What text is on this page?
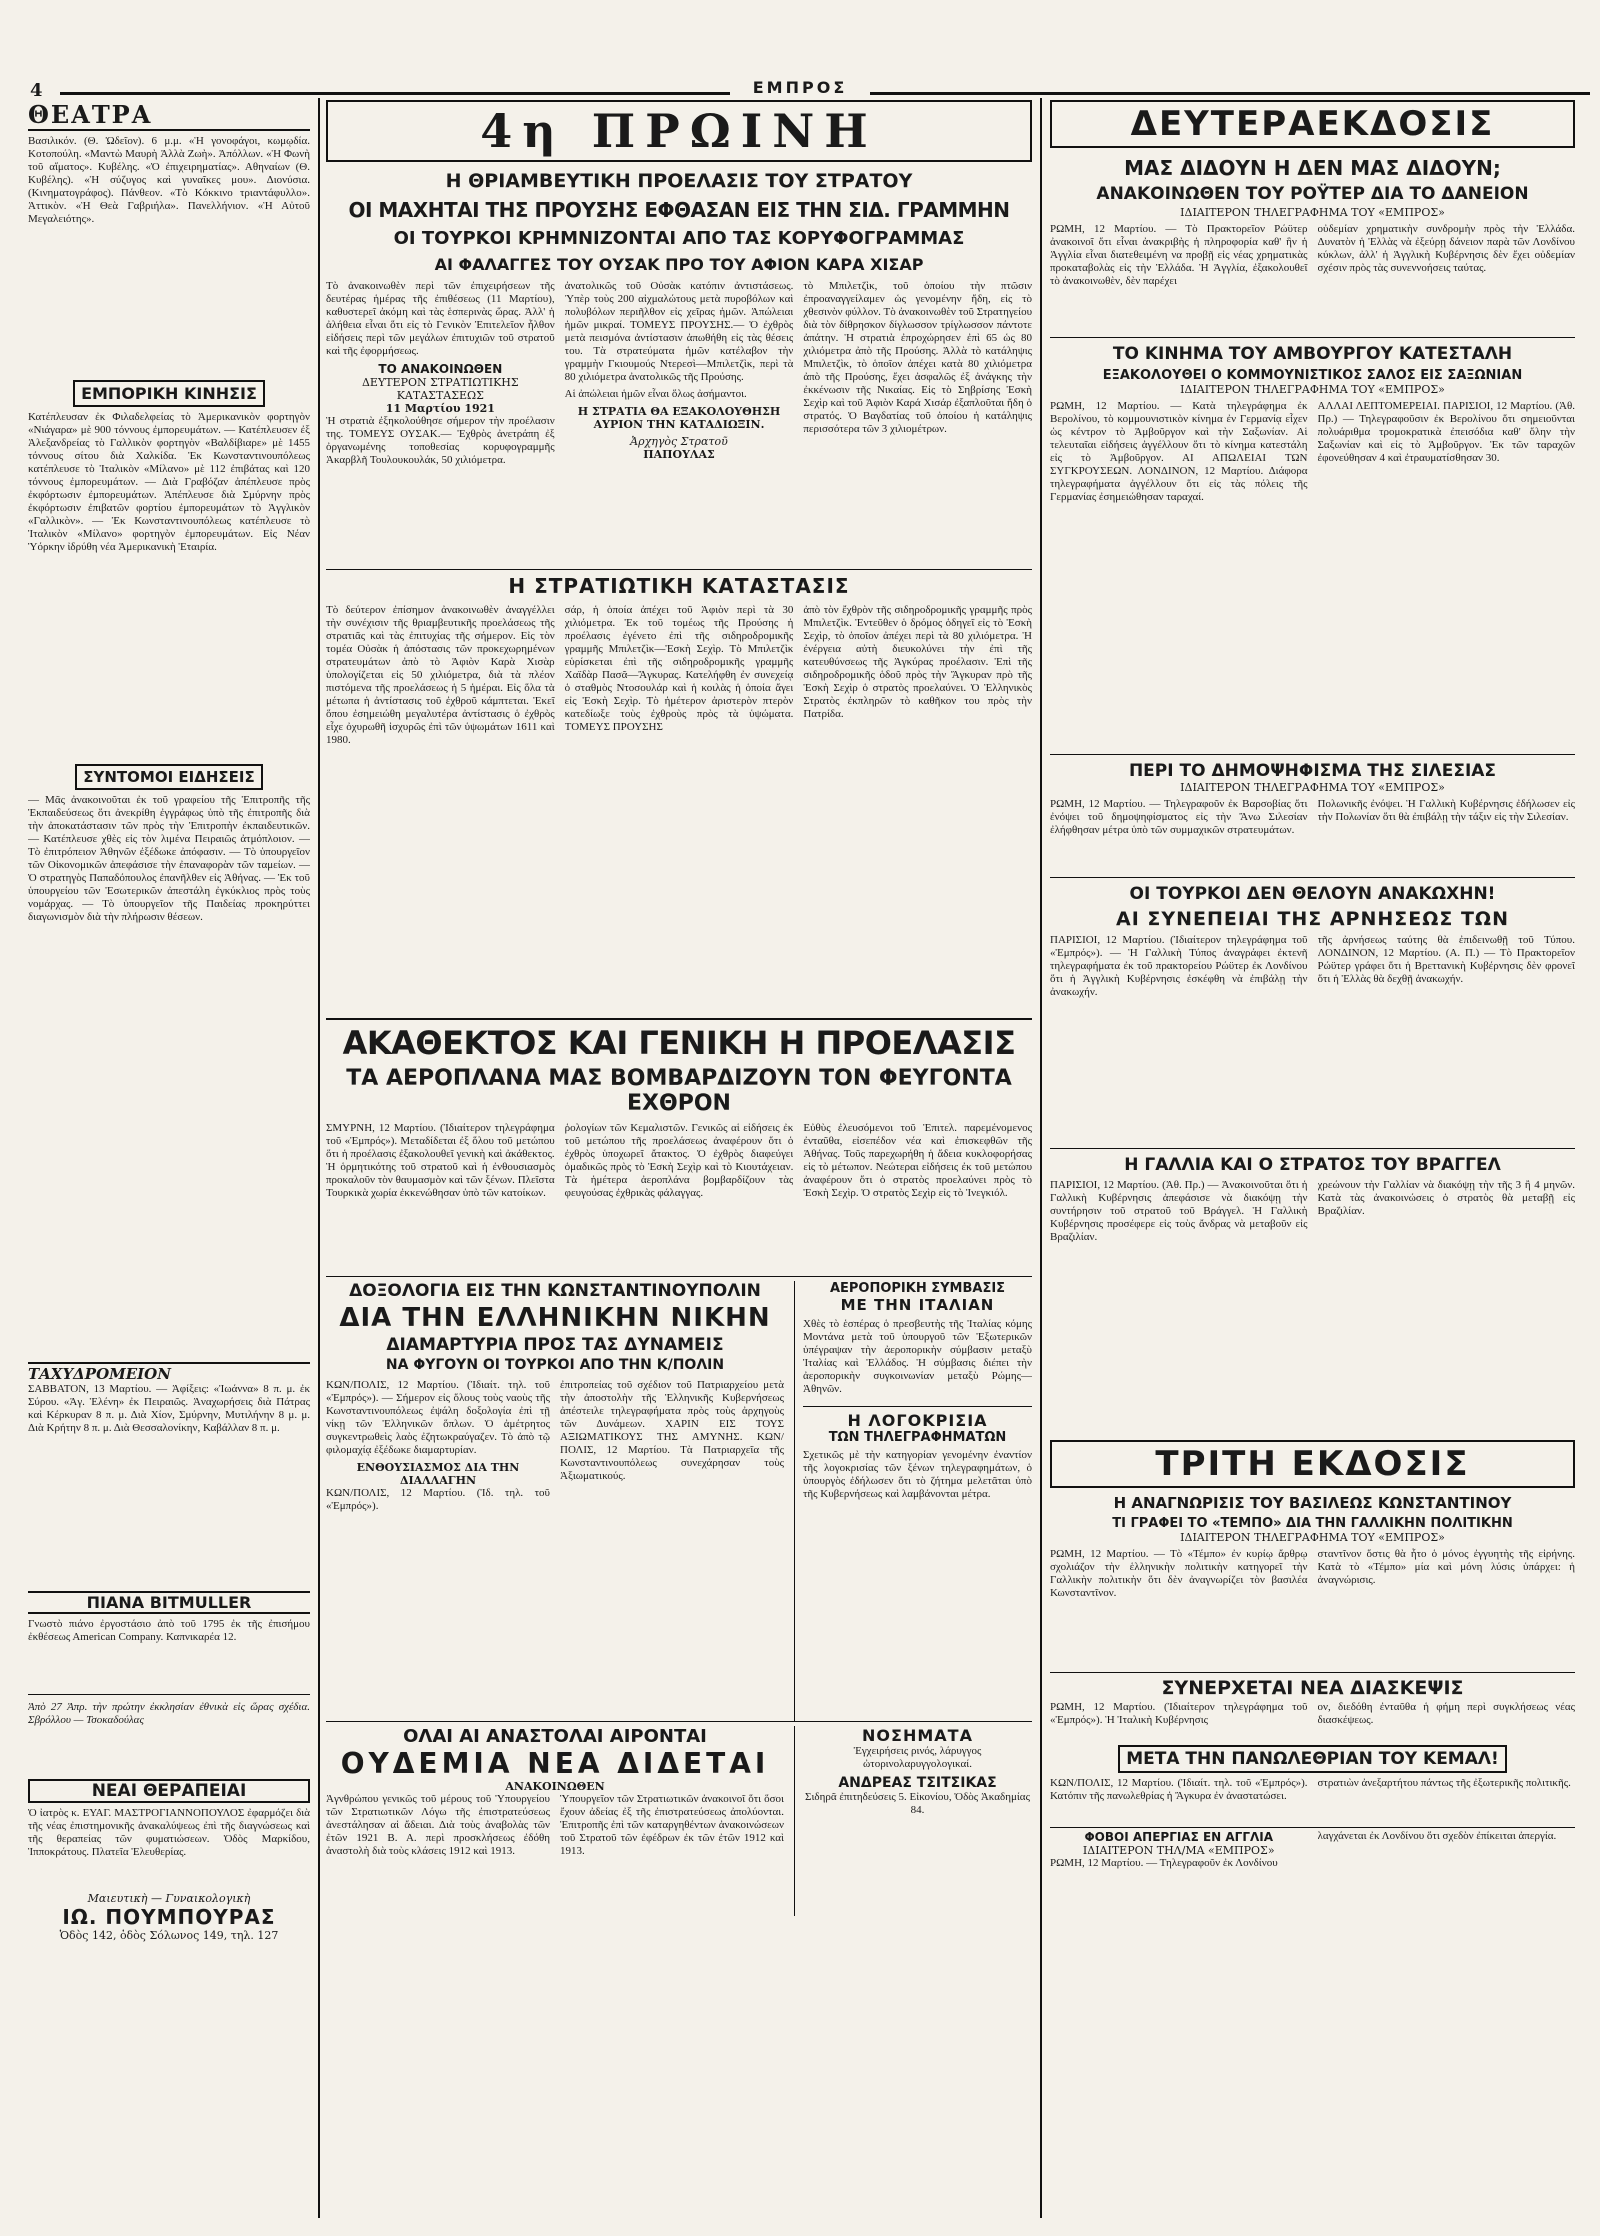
4	ΕΜΠΡΟΣ
ΘΕΑΤΡΑ
Βασιλικόν. (Θ. Ὠδεῖον). 6 μ.μ. «Ἡ γονοφάγοι, κωμῳδία. Κοτοπούλη. «Μαντὼ Μαυρὴ Ἀλλὰ Ζωὴ». Ἀπόλλων. «Ἡ Φωνὴ τοῦ αἵματος». Κυβέλης. «Ὁ ἐπιχειρηματίας». Αθηναίων (Θ. Κυβέλης). «Ἡ σύζυγος καὶ γυναῖκες μου». Διονύσια. (Κινηματογράφος). Πάνθεον. «Τὸ Κόκκινο τριαντάφυλλο». Ἀττικὸν. «Ἡ Θεὰ Γαβριήλα». Πανελλήνιον. «Ἡ Αὐτοῦ Μεγαλειότης».
ΕΜΠΟΡΙΚΗ ΚΙΝΗΣΙΣ
Κατέπλευσαν ἐκ Φιλαδελφείας τὸ Ἀμερικανικὸν φορτηγὸν «Νιάγαρα» μὲ 900 τόννους ἐμπορευμάτων. — Κατέπλευσεν ἐξ Ἀλεξανδρείας τὸ Γαλλικὸν φορτηγὸν «Βαλδίβιαρε» μὲ 1455 τόννους σίτου διὰ Χαλκίδα. Ἐκ Κωνσταντινουπόλεως κατέπλευσε τὸ Ἰταλικὸν «Μίλανο» μὲ 112 ἐπιβάτας καὶ 120 τόννους ἐμπορευμάτων. — Διὰ Γραβόζαν ἀπέπλευσε πρὸς ἐκφόρτωσιν ἐμπορευμάτων. Ἀπέπλευσε διὰ Σμύρνην πρὸς ἐκφόρτωσιν ἐπιβατῶν φορτίου ἐμπορευμάτων τὸ Ἀγγλικὸν «Γαλλικὸν». — Ἐκ Κωνσταντινουπόλεως κατέπλευσε τὸ Ἰταλικὸν «Μίλανο» φορτηγὸν ἐμπορευμάτων. Εἰς Νέαν Ὑόρκην ἰδρύθη νέα Ἀμερικανικὴ Ἑταιρία.
ΣΥΝΤΟΜΟΙ ΕΙΔΗΣΕΙΣ
— Μᾶς ἀνακοινοῦται ἐκ τοῦ γραφείου τῆς Ἐπιτροπῆς τῆς Ἐκπαιδεύσεως ὅτι ἀνεκρίθη ἐγγράφως ὑπὸ τῆς ἐπιτροπῆς διὰ τὴν ἀποκατάστασιν τῶν πρὸς τὴν Ἐπιτροπὴν ἐκπαιδευτικῶν. — Κατέπλευσε χθὲς εἰς τὸν λιμένα Πειραιῶς ἀτμόπλοιον. — Τὸ ἐπιτρόπειον Ἀθηνῶν ἐξέδωκε ἀπόφασιν. — Τὸ ὑπουργεῖον τῶν Οἰκονομικῶν ἀπεφάσισε τὴν ἐπαναφορὰν τῶν ταμείων. — Ὁ στρατηγὸς Παπαδόπουλος ἐπανῆλθεν εἰς Ἀθήνας. — Ἐκ τοῦ ὑπουργείου τῶν Ἐσωτερικῶν ἀπεστάλη ἐγκύκλιος πρὸς τοὺς νομάρχας. — Τὸ ὑπουργεῖον τῆς Παιδείας προκηρύττει διαγωνισμὸν διὰ τὴν πλήρωσιν θέσεων.
ΤΑΧΥΔΡΟΜΕΙΟΝ
ΣΑΒΒΑΤΟΝ, 13 Μαρτίου. — Ἀφίξεις: «Ἰωάννα» 8 π. μ. ἐκ Σύρου. «Ἀγ. Ἑλένη» ἐκ Πειραιῶς. Ἀναχωρήσεις διὰ Πάτρας καὶ Κέρκυραν 8 π. μ. Διὰ Χίον, Σμύρνην, Μυτιλήνην 8 μ. μ. Διὰ Κρήτην 8 π. μ. Διὰ Θεσσαλονίκην, Καβάλλαν 8 π. μ.
ΠΙΑΝΑ BITMULLER
Γνωστὸ πιάνο ἐργοστάσιο ἀπὸ τοῦ 1795 ἐκ τῆς ἐπισήμου ἐκθέσεως Αmerican Company. Καπνικαρέα 12.
Ἀπὸ 27 Ἀπρ. τὴν πρώτην ἐκκλησίαν ἐθνικὰ εἰς ὥρας σχέδια. Σβρόλλου — Τσοκαδούλας
ΝΕΑΙ ΘΕΡΑΠΕΙΑΙ
Ὁ ἰατρὸς κ. ΕΥΑΓ. ΜΑΣΤΡΟΓΙΑΝΝΟΠΟΥΛΟΣ ἐφαρμόζει διὰ τῆς νέας ἐπιστημονικῆς ἀνακαλύψεως ἐπὶ τῆς διαγνώσεως καὶ τῆς θεραπείας τῶν φυματιώσεων. Ὁδὸς Μαρκίδου, Ἱπποκράτους. Πλατεῖα Ἐλευθερίας.
Μαιευτικὴ — Γυναικολογικὴ
ΙΩ. ΠΟΥΜΠΟΥΡΑΣ
Ὁδὸς 142, ὁδὸς Σόλωνος 149, τηλ. 127
4η ΠΡΩΙΝΗ
Η ΘΡΙΑΜΒΕΥΤΙΚΗ ΠΡΟΕΛΑΣΙΣ ΤΟΥ ΣΤΡΑΤΟΥ
ΟΙ ΜΑΧΗΤΑΙ ΤΗΣ ΠΡΟΥΣΗΣ ΕΦΘΑΣΑΝ ΕΙΣ ΤΗΝ ΣΙΔ. ΓΡΑΜΜΗΝ
ΟΙ ΤΟΥΡΚΟΙ ΚΡΗΜΝΙΖΟΝΤΑΙ ΑΠΟ ΤΑΣ ΚΟΡΥΦΟΓΡΑΜΜΑΣ
ΑΙ ΦΑΛΑΓΓΕΣ ΤΟΥ ΟΥΣΑΚ ΠΡΟ ΤΟΥ ΑΦΙΟΝ ΚΑΡΑ ΧΙΣΑΡ
Τὸ ἀνακοινωθὲν περὶ τῶν ἐπιχειρήσεων τῆς δευτέρας ἡμέρας τῆς ἐπιθέσεως (11 Μαρτίου), καθυστερεῖ ἀκόμη καὶ τὰς ἑσπερινὰς ὥρας. Ἀλλ' ἡ ἀλήθεια εἶναι ὅτι εἰς τὸ Γενικὸν Ἐπιτελεῖον ἦλθον εἰδήσεις περὶ τῶν μεγάλων ἐπιτυχιῶν τοῦ στρατοῦ καὶ τῆς ἐφορμήσεως.
ΤΟ ΑΝΑΚΟΙΝΩΘΕΝ
ΔΕΥΤΕΡΟΝ ΣΤΡΑΤΙΩΤΙΚΗΣ ΚΑΤΑΣΤΑΣΕΩΣ
11 Μαρτίου 1921
Ἡ στρατιὰ ἐξηκολούθησε σήμερον τὴν προέλασιν της. ΤΟΜΕΥΣ ΟΥΣΑΚ.— Ἐχθρὸς ἀνετράπη ἐξ ὀργανωμένης τοποθεσίας κορυφογραμμῆς Ἀκαρβλῆ Τουλουκουλάκ, 50 χιλιόμετρα.
ἀνατολικῶς τοῦ Οὐσὰκ κατόπιν ἀντιστάσεως. Ὑπὲρ τοὺς 200 αἰχμαλώτους μετὰ πυροβόλων καὶ πολυβόλων περιῆλθον εἰς χεῖρας ἡμῶν. Ἀπώλειαι ἡμῶν μικραί. ΤΟΜΕΥΣ ΠΡΟΥΣΗΣ.— Ὁ ἐχθρὸς μετὰ πεισμόνα ἀντίστασιν ἀπωθήθη εἰς τὰς θέσεις του. Τὰ στρατεύματα ἡμῶν κατέλαβον τὴν γραμμὴν Γκιουμούς Ντερεσὶ—Μπιλετζὶκ, περὶ τὰ 80 χιλιόμετρα ἀνατολικῶς τῆς Προύσης.
Αἱ ἀπώλειαι ἡμῶν εἶναι ὅλως ἀσήμαντοι.
Η ΣΤΡΑΤΙΑ ΘΑ ΕΞΑΚΟΛΟΥΘΗΣΗ ΑΥΡΙΟΝ ΤΗΝ ΚΑΤΑΔΙΩΞΙΝ.
Ἀρχηγὸς Στρατοῦ
ΠΑΠΟΥΛΑΣ
τὸ Μπιλετζὶκ, τοῦ ὁποίου τὴν πτῶσιν ἐπροαναγγείλαμεν ὡς γενομένην ἤδη, εἰς τὸ χθεσινὸν φύλλον. Τὸ ἀνακοινωθὲν τοῦ Στρατηγείου διὰ τὸν δίθρησκον δίγλωσσον τρίγλωσσον πάντοτε ἀπάτην. Ἡ στρατιὰ ἐπροχώρησεν ἐπὶ 65 ὡς 80 χιλιόμετρα ἀπὸ τῆς Προύσης. Ἀλλὰ τὸ κατάληψις Μπιλετζὶκ, τὸ ὁποῖον ἀπέχει κατὰ 80 χιλιόμετρα ἀπὸ τῆς Προύσης, ἔχει ἀσφαλῶς ἐξ ἀνάγκης τὴν ἐκκένωσιν τῆς Νικαίας. Εἰς τὸ Σηβρίσης Ἐσκὴ Σεχὶρ καὶ τοῦ Ἀφιὸν Καρά Χισάρ ἐξαπλοῦται ἤδη ὁ στρατός. Ὁ Βαγδατίας τοῦ ὁποίου ἡ κατάληψις περισσότερα τῶν 3 χιλιομέτρων.
Η ΣΤΡΑΤΙΩΤΙΚΗ ΚΑΤΑΣΤΑΣΙΣ
Τὸ δεύτερον ἐπίσημον ἀνακοινωθὲν ἀναγγέλλει τὴν συνέχισιν τῆς θριαμβευτικῆς προελάσεως τῆς στρατιᾶς καὶ τὰς ἐπιτυχίας τῆς σήμερον. Εἰς τὸν τομέα Οὐσὰκ ἡ ἀπόστασις τῶν προκεχωρημένων στρατευμάτων ἀπὸ τὸ Ἀφιὸν Καρὰ Χισὰρ ὑπολογίζεται εἰς 50 χιλιόμετρα, διὰ τὰ πλέον πιστόμενα τῆς προελάσεως ἡ 5 ἡμέραι. Εἰς ὅλα τὰ μέτωπα ἡ ἀντίστασις τοῦ ἐχθροῦ κάμπτεται. Ἐκεῖ ὅπου ἐσημειώθη μεγαλυτέρα ἀντίστασις ὁ ἐχθρὸς εἶχε ὀχυρωθῆ ἰσχυρῶς ἐπὶ τῶν ὑψωμάτων 1611 καὶ 1980.
σάρ, ἡ ὁποία ἀπέχει τοῦ Ἀφιὸν περὶ τὰ 30 χιλιόμετρα. Ἐκ τοῦ τομέως τῆς Προύσης ἡ προέλασις ἐγένετο ἐπὶ τῆς σιδηροδρομικῆς γραμμῆς Μπιλετζὶκ—Ἐσκὴ Σεχὶρ. Τὸ Μπιλετζὶκ εὑρίσκεται ἐπὶ τῆς σιδηροδρομικῆς γραμμῆς Χαϊδὰρ Πασᾶ—Ἄγκυρας. Κατελήφθη ἐν συνεχείᾳ ὁ σταθμὸς Ντοσουλάρ καὶ ἡ κοιλὰς ἡ ὁποία ἄγει εἰς Ἐσκὴ Σεχὶρ. Τὸ ἡμέτερον ἀριστερὸν πτερὸν κατεδίωξε τοὺς ἐχθροὺς πρὸς τὰ ὑψώματα. ΤΟΜΕΥΣ ΠΡΟΥΣΗΣ
ἀπὸ τὸν ἔχθρὸν τῆς σιδηροδρομικῆς γραμμῆς πρὸς Μπιλετζὶκ. Ἐντεῦθεν ὁ δρόμος ὁδηγεῖ εἰς τὸ Ἐσκὴ Σεχὶρ, τὸ ὁποῖον ἀπέχει περὶ τὰ 80 χιλιόμετρα. Ἡ ἐνέργεια αὐτὴ διευκολύνει τὴν ἐπὶ τῆς κατευθύνσεως τῆς Ἀγκύρας προέλασιν. Ἐπὶ τῆς σιδηροδρομικῆς ὁδοῦ πρὸς τὴν Ἄγκυραν πρὸ τῆς Ἐσκὴ Σεχὶρ ὁ στρατὸς προελαύνει. Ὁ Ἑλληνικὸς Στρατὸς ἐκπληρῶν τὸ καθῆκον του πρὸς τὴν Πατρίδα.
ΑΚΑΘΕΚΤΟΣ ΚΑΙ ΓΕΝΙΚΗ Η ΠΡΟΕΛΑΣΙΣ
ΤΑ ΑΕΡΟΠΛΑΝΑ ΜΑΣ ΒΟΜΒΑΡΔΙΖΟΥΝ ΤΟΝ ΦΕΥΓΟΝΤΑ ΕΧΘΡΟΝ
ΣΜΥΡΝΗ, 12 Μαρτίου. (Ἰδιαίτερον τηλεγράφημα τοῦ «Ἐμπρός»). Μεταδίδεται ἐξ ὅλου τοῦ μετώπου ὅτι ἡ προέλασις ἐξακολουθεῖ γενικὴ καὶ ἀκάθεκτος. Ἡ ὁρμητικότης τοῦ στρατοῦ καὶ ἡ ἐνθουσιασμὸς προκαλοῦν τὸν θαυμασμὸν καὶ τῶν ξένων. Πλεῖστα Τουρκικὰ χωρία ἐκκενώθησαν ὑπὸ τῶν κατοίκων.
ῥολογίων τῶν Κεμαλιστῶν. Γενικῶς αἱ εἰδήσεις ἐκ τοῦ μετώπου τῆς προελάσεως ἀναφέρουν ὅτι ὁ ἐχθρὸς ὑποχωρεῖ ἄτακτος. Ὁ ἐχθρὸς διαφεύγει ὁμαδικῶς πρὸς τὸ Ἐσκὴ Σεχὶρ καὶ τὸ Κιουτάχειαν. Τὰ ἡμέτερα ἀεροπλάνα βομβαρδίζουν τὰς φευγούσας ἐχθρικὰς φάλαγγας.
Εὐθὺς ἐλευσόμενοι τοῦ Ἐπιτελ. παρεμένομενος ἐνταῦθα, εἰσεπέδον νέα καὶ ἐπισκεφθῶν τῆς Ἀθήνας. Τοῦς παρεχωρήθη ἡ ἄδεια κυκλοφορήσας εἰς τὸ μέτωπον. Νεώτεραι εἰδήσεις ἐκ τοῦ μετώπου ἀναφέρουν ὅτι ὁ στρατὸς προελαύνει πρὸς τὸ Ἐσκὴ Σεχὶρ. Ὁ στρατὸς Σεχὶρ εἰς τὸ Ἰνεγκιόλ.
ΔΟΞΟΛΟΓΙΑ ΕΙΣ ΤΗΝ ΚΩΝΣΤΑΝΤΙΝΟΥΠΟΛΙΝ
ΔΙΑ ΤΗΝ ΕΛΛΗΝΙΚΗΝ ΝΙΚΗΝ
ΔΙΑΜΑΡΤΥΡΙΑ ΠΡΟΣ ΤΑΣ ΔΥΝΑΜΕΙΣ
ΝΑ ΦΥΓΟΥΝ ΟΙ ΤΟΥΡΚΟΙ ΑΠΟ ΤΗΝ Κ/ΠΟΛΙΝ
ΚΩΝ/ΠΟΛΙΣ, 12 Μαρτίου. (Ἰδιαίτ. τηλ. τοῦ «Ἐμπρός»). — Σήμερον εἰς ὅλους τοὺς ναοὺς τῆς Κωνσταντινουπόλεως ἐψάλη δοξολογία ἐπὶ τῇ νίκῃ τῶν Ἑλληνικῶν ὅπλων. Ὁ ἀμέτρητος συγκεντρωθεὶς λαὸς ἐζητωκραύγαζεν. Τὸ ἀπὸ τῷ φιλομαχίᾳ ἐξέδωκε διαμαρτυρίαν.
ΕΝΘΟΥΣΙΑΣΜΟΣ ΔΙΑ ΤΗΝ ΔΙΑΛΛΑΓΗΝ
ΚΩΝ/ΠΟΛΙΣ, 12 Μαρτίου. (Ἰδ. τηλ. τοῦ «Ἐμπρός»).
ἐπιτροπείας τοῦ σχέδιον τοῦ Πατριαρχείου μετὰ τὴν ἀποστολὴν τῆς Ἑλληνικῆς Κυβερνήσεως ἀπέστειλε τηλεγραφήματα πρὸς τοὺς ἀρχηγοὺς τῶν Δυνάμεων. ΧΑΡΙΝ ΕΙΣ ΤΟΥΣ ΑΞΙΩΜΑΤΙΚΟΥΣ ΤΗΣ ΑΜΥΝΗΣ. ΚΩΝ/ΠΟΛΙΣ, 12 Μαρτίου. Τὰ Πατριαρχεῖα τῆς Κωνσταντινουπόλεως συνεχάρησαν τοὺς Ἀξιωματικούς.
ΑΕΡΟΠΟΡΙΚΗ ΣΥΜΒΑΣΙΣ
ΜΕ ΤΗΝ ΙΤΑΛΙΑΝ
Χθὲς τὸ ἑσπέρας ὁ πρεσβευτὴς τῆς Ἰταλίας κόμης Μοντάνα μετὰ τοῦ ὑπουργοῦ τῶν Ἐξωτερικῶν ὑπέγραψαν τὴν ἀεροπορικὴν σύμβασιν μεταξὺ Ἰταλίας καὶ Ἑλλάδος. Ἡ σύμβασις διέπει τὴν ἀεροπορικὴν συγκοινωνίαν μεταξὺ Ρώμης—Ἀθηνῶν.
Η ΛΟΓΟΚΡΙΣΙΑ
ΤΩΝ ΤΗΛΕΓΡΑΦΗΜΑΤΩΝ
Σχετικῶς μὲ τὴν κατηγορίαν γενομένην ἐναντίον τῆς λογοκρισίας τῶν ξένων τηλεγραφημάτων, ὁ ὑπουργὸς ἐδήλωσεν ὅτι τὸ ζήτημα μελετᾶται ὑπὸ τῆς Κυβερνήσεως καὶ λαμβάνονται μέτρα.
ΟΛΑΙ ΑΙ ΑΝΑΣΤΟΛΑΙ ΑΙΡΟΝΤΑΙ
ΟΥΔΕΜΙΑ ΝΕΑ ΔΙΔΕΤΑΙ
ΑΝΑΚΟΙΝΩΘΕΝ
Ἀγνθρώπου γενικῶς τοῦ μέρους τοῦ Ὑπουργείου τῶν Στρατιωτικῶν Λόγω τῆς ἐπιστρατεύσεως ἀνεστάλησαν αἱ ἄδειαι. Διὰ τοὺς ἀναβολὰς τῶν ἐτῶν 1921 Β. Α. περὶ προσκλήσεως ἐδόθη ἀναστολὴ διὰ τοὺς κλάσεις 1912 καὶ 1913.
Ὑπουργεῖον τῶν Στρατιωτικῶν ἀνακοινοῖ ὅτι ὅσοι ἔχουν ἀδείας ἐξ τῆς ἐπιστρατεύσεως ἀπολύονται. Ἐπιτροπῆς ἐπὶ τῶν καταργηθέντων ἀνακοινώσεων τοῦ Στρατοῦ τῶν ἐφέδρων ἐκ τῶν ἐτῶν 1912 καὶ 1913.
ΝΟΣΗΜΑΤΑ
Ἐγχειρήσεις ρινός, λάρυγγος ὠτορινολαρυγγολογικαί.
ΑΝΔΡΕΑΣ ΤΣΙΤΣΙΚΑΣ
Σιδηρᾶ ἐπιτηδεύσεις 5. Εἰκονίου, Ὁδὸς Ἀκαδημίας 84.
ΔΕΥΤΕΡΑΕΚΔΟΣΙΣ
ΜΑΣ ΔΙΔΟΥΝ Η ΔΕΝ ΜΑΣ ΔΙΔΟΥΝ;
ΑΝΑΚΟΙΝΩΘΕΝ ΤΟΥ ΡΟΫΤΕΡ ΔΙΑ ΤΟ ΔΑΝΕΙΟΝ
ΙΔΙΑΙΤΕΡΟΝ ΤΗΛΕΓΡΑΦΗΜΑ ΤΟΥ «ΕΜΠΡΟΣ»
ΡΩΜΗ, 12 Μαρτίου. — Τὸ Πρακτορεῖον Ρώϋτερ ἀνακοινοῖ ὅτι εἶναι ἀνακριβὴς ἡ πληροφορία καθ' ἣν ἡ Ἀγγλία εἶναι διατεθειμένη να προβῇ εἰς νέας χρηματικὰς προκαταβολὰς εἰς τὴν Ἑλλάδα. Ἡ Ἀγγλία, ἐξακολουθεῖ τὸ ἀνακοινωθὲν, δὲν παρέχει
οὐδεμίαν χρηματικὴν συνδρομὴν πρὸς τὴν Ἑλλάδα. Δυνατὸν ἡ Ἑλλὰς νὰ ἐξεύρῃ δάνειον παρὰ τῶν Λονδίνου κύκλων, ἀλλ' ἡ Ἀγγλικὴ Κυβέρνησις δὲν ἔχει οὐδεμίαν σχέσιν πρὸς τὰς συνεννοήσεις ταύτας.
ΤΟ ΚΙΝΗΜΑ ΤΟΥ ΑΜΒΟΥΡΓΟΥ ΚΑΤΕΣΤΑΛΗ
ΕΞΑΚΟΛΟΥΘΕΙ Ο ΚΟΜΜΟΥΝΙΣΤΙΚΟΣ ΣΑΛΟΣ ΕΙΣ ΣΑΞΩΝΙΑΝ
ΙΔΙΑΙΤΕΡΟΝ ΤΗΛΕΓΡΑΦΗΜΑ ΤΟΥ «ΕΜΠΡΟΣ»
ΡΩΜΗ, 12 Μαρτίου. — Κατὰ τηλεγράφημα ἐκ Βερολίνου, τὸ κομμουνιστικὸν κίνημα ἐν Γερμανίᾳ εἶχεν ὡς κέντρον τὸ Ἀμβοῦργον καὶ τὴν Σαξωνίαν. Αἱ τελευταῖαι εἰδήσεις ἀγγέλλουν ὅτι τὸ κίνημα κατεστάλη εἰς τὸ Ἀμβοῦργον. ΑΙ ΑΠΩΛΕΙΑΙ ΤΩΝ ΣΥΓΚΡΟΥΣΕΩΝ. ΛΟΝΔΙΝΟΝ, 12 Μαρτίου. Διάφορα τηλεγραφήματα ἀγγέλλουν ὅτι εἰς τὰς πόλεις τῆς Γερμανίας ἐσημειώθησαν ταραχαί.
ΑΛΛΑΙ ΛΕΠΤΟΜΕΡΕΙΑΙ. ΠΑΡΙΣΙΟΙ, 12 Μαρτίου. (Ἀθ. Πρ.) — Τηλεγραφοῦσιν ἐκ Βερολίνου ὅτι σημειοῦνται πολυάριθμα τρομοκρατικὰ ἐπεισόδια καθ' ὅλην τὴν Σαξωνίαν καὶ εἰς τὸ Ἀμβοῦργον. Ἐκ τῶν ταραχῶν ἐφονεύθησαν 4 καὶ ἐτραυματίσθησαν 30.
ΠΕΡΙ ΤΟ ΔΗΜΟΨΗΦΙΣΜΑ ΤΗΣ ΣΙΛΕΣΙΑΣ
ΙΔΙΑΙΤΕΡΟΝ ΤΗΛΕΓΡΑΦΗΜΑ ΤΟΥ «ΕΜΠΡΟΣ»
ΡΩΜΗ, 12 Μαρτίου. — Τηλεγραφοῦν ἐκ Βαρσοβίας ὅτι ἐνόψει τοῦ δημοψηφίσματος εἰς τὴν Ἄνω Σιλεσίαν ἐλήφθησαν μέτρα ὑπὸ τῶν συμμαχικῶν στρατευμάτων.
Πολωνικῆς ἐνόψει. Ἡ Γαλλικὴ Κυβέρνησις ἐδήλωσεν εἰς τὴν Πολωνίαν ὅτι θὰ ἐπιβάλῃ τὴν τάξιν εἰς τὴν Σιλεσίαν.
ΟΙ ΤΟΥΡΚΟΙ ΔΕΝ ΘΕΛΟΥΝ ΑΝΑΚΩΧΗΝ!
ΑΙ ΣΥΝΕΠΕΙΑΙ ΤΗΣ ΑΡΝΗΣΕΩΣ ΤΩΝ
ΠΑΡΙΣΙΟΙ, 12 Μαρτίου. (Ἰδιαίτερον τηλεγράφημα τοῦ «Ἐμπρός»). — Ἡ Γαλλικὴ Τύπος ἀναγράφει ἐκτενῆ τηλεγραφήματα ἐκ τοῦ πρακτορείου Ρώϋτερ ἐκ Λονδίνου ὅτι ἡ Ἀγγλικὴ Κυβέρνησις ἐσκέφθη νὰ ἐπιβάλῃ τὴν ἀνακωχήν.
τῆς ἀρνήσεως ταύτης θὰ ἐπιδεινωθῇ τοῦ Τύπου. ΛΟΝΔΙΝΟΝ, 12 Μαρτίου. (Α. Π.) — Τὸ Πρακτορεῖον Ρώϋτερ γράφει ὅτι ἡ Βρεττανικὴ Κυβέρνησις δὲν φρονεῖ ὅτι ἡ Ἑλλὰς θὰ δεχθῇ ἀνακωχήν.
Η ΓΑΛΛΙΑ ΚΑΙ Ο ΣΤΡΑΤΟΣ ΤΟΥ ΒΡΑΓΓΕΛ
ΠΑΡΙΣΙΟΙ, 12 Μαρτίου. (Ἀθ. Πρ.) — Ἀνακοινοῦται ὅτι ἡ Γαλλικὴ Κυβέρνησις ἀπεφάσισε νὰ διακόψῃ τὴν συντήρησιν τοῦ στρατοῦ τοῦ Βράγγελ. Ἡ Γαλλικὴ Κυβέρνησις προσέφερε εἰς τοὺς ἄνδρας νὰ μεταβοῦν εἰς Βραζιλίαν.
χρεώνουν τὴν Γαλλίαν νὰ διακόψῃ τὴν τῆς 3 ἢ 4 μηνῶν. Κατὰ τὰς ἀνακοινώσεις ὁ στρατὸς θὰ μεταβῇ εἰς Βραζιλίαν.
ΤΡΙΤΗ ΕΚΔΟΣΙΣ
Η ΑΝΑΓΝΩΡΙΣΙΣ ΤΟΥ ΒΑΣΙΛΕΩΣ ΚΩΝΣΤΑΝΤΙΝΟΥ
ΤΙ ΓΡΑΦΕΙ ΤΟ «ΤΕΜΠΟ» ΔΙΑ ΤΗΝ ΓΑΛΛΙΚΗΝ ΠΟΛΙΤΙΚΗΝ
ΙΔΙΑΙΤΕΡΟΝ ΤΗΛΕΓΡΑΦΗΜΑ ΤΟΥ «ΕΜΠΡΟΣ»
ΡΩΜΗ, 12 Μαρτίου. — Τὸ «Τέμπο» ἐν κυρίῳ ἄρθρῳ σχολιάζον τὴν ἑλληνικὴν πολιτικὴν κατηγορεῖ τὴν Γαλλικὴν πολιτικὴν ὅτι δὲν ἀναγνωρίζει τὸν βασιλέα Κωνσταντῖνον.
σταντῖνον ὅστις θὰ ἦτο ὁ μόνος ἐγγυητὴς τῆς εἰρήνης. Κατὰ τὸ «Τέμπο» μία καὶ μόνη λύσις ὑπάρχει: ἡ ἀναγνώρισις.
ΣΥΝΕΡΧΕΤΑΙ ΝΕΑ ΔΙΑΣΚΕΨΙΣ
ΡΩΜΗ, 12 Μαρτίου. (Ἰδιαίτερον τηλεγράφημα τοῦ «Ἐμπρός»). Ἡ Ἰταλικὴ Κυβέρνησις
ον, διεδόθη ἐνταῦθα ἡ φήμη περὶ συγκλήσεως νέας διασκέψεως.
ΜΕΤΑ ΤΗΝ ΠΑΝΩΛΕΘΡΙΑΝ ΤΟΥ ΚΕΜΑΛ!
ΚΩΝ/ΠΟΛΙΣ, 12 Μαρτίου. (Ἰδιαίτ. τηλ. τοῦ «Ἐμπρός»). Κατόπιν τῆς πανωλεθρίας ἡ Ἄγκυρα ἐν ἀναστατώσει.
στρατιὼν ἀνεξαρτήτου πάντως τῆς ἐξωτερικῆς πολιτικῆς.
ΦΟΒΟΙ ΑΠΕΡΓΙΑΣ ΕΝ ΑΓΓΛΙΑ
ΙΔΙΑΙΤΕΡΟΝ ΤΗΛ/ΜΑ «ΕΜΠΡΟΣ»
ΡΩΜΗ, 12 Μαρτίου. — Τηλεγραφοῦν ἐκ Λονδίνου
λαγχάνεται ἐκ Λονδίνου ὅτι σχεδὸν ἐπίκειται ἀπεργία.
